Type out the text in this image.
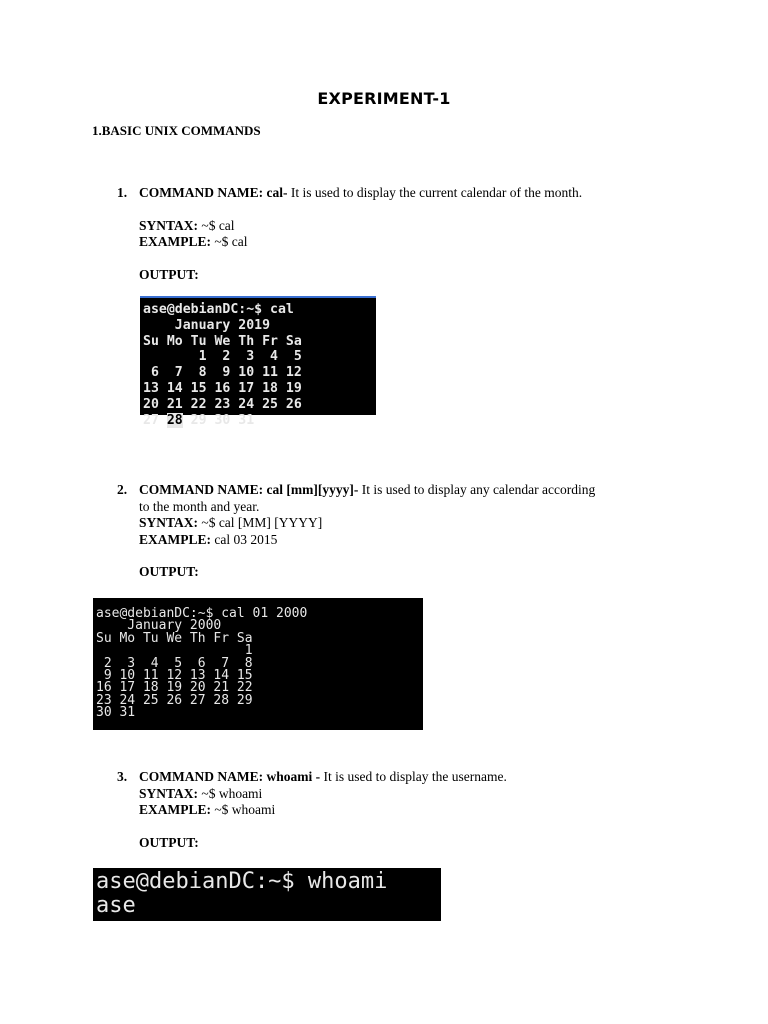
EXPERIMENT-1
1.BASIC UNIX COMMANDS
1. COMMAND NAME: cal- It is used to display the current calendar of the month.
SYNTAX: ~$ cal
EXAMPLE: ~$ cal
OUTPUT:
ase@debianDC:~$ cal
January 2019
Su Mo Tu We Th Fr Sa
1  2  3  4  5
6  7  8  9 10 11 12
13 14 15 16 17 18 19
20 21 22 23 24 25 26
27 28 29 30 31
2. COMMAND NAME: cal [mm][yyyy]- It is used to display any calendar according
to the month and year.
SYNTAX: ~$ cal [MM] [YYYY]
EXAMPLE: cal 03 2015
OUTPUT:
ase@debianDC:~$ cal 01 2000
January 2000
Su Mo Tu We Th Fr Sa
1
2  3  4  5  6  7  8
9 10 11 12 13 14 15
16 17 18 19 20 21 22
23 24 25 26 27 28 29
30 31
3. COMMAND NAME: whoami - It is used to display the username.
SYNTAX: ~$ whoami
EXAMPLE: ~$ whoami
OUTPUT:
ase@debianDC:~$ whoami
ase
